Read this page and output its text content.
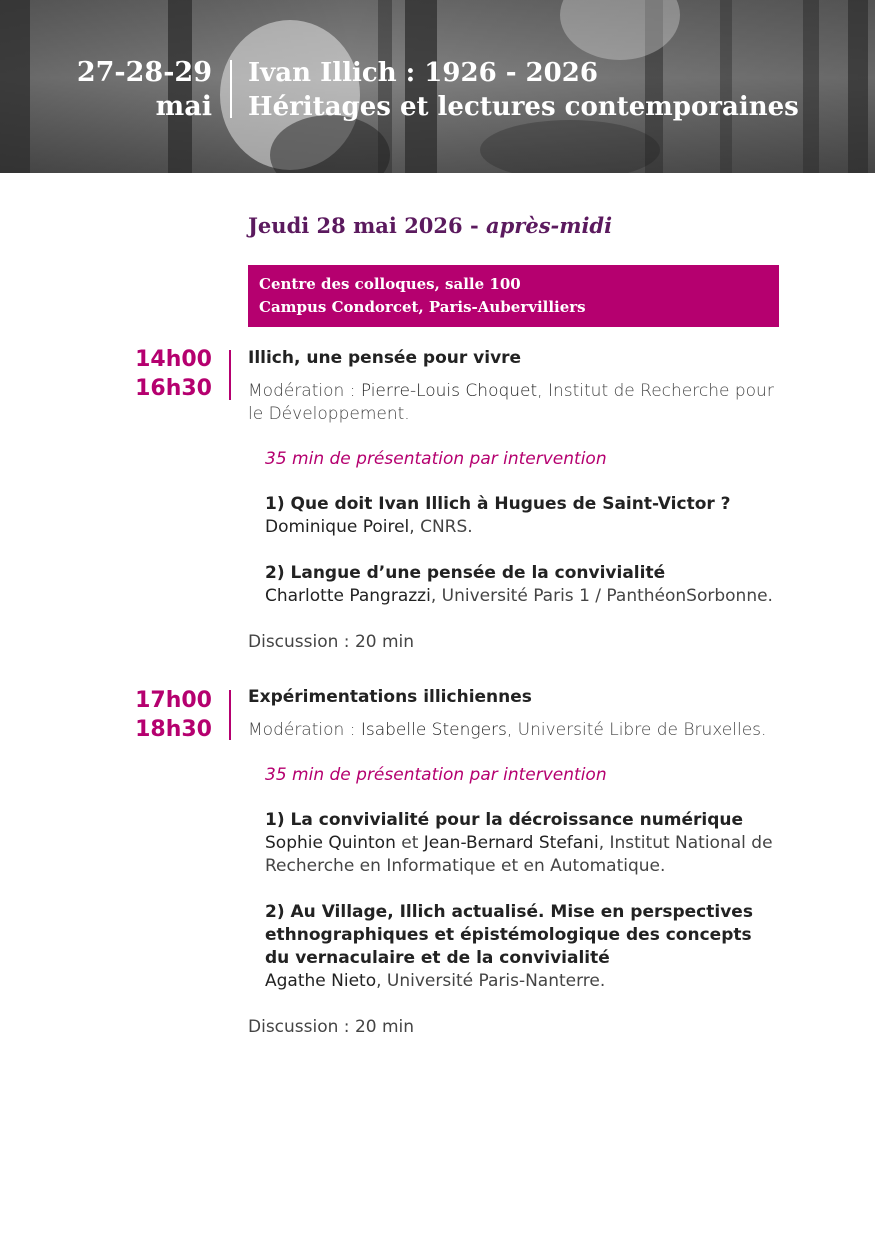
27-28-29
mai
Ivan Illich : 1926 - 2026
Héritages et lectures contemporaines
Jeudi 28 mai 2026 - après-midi
Centre des colloques, salle 100
Campus Condorcet, Paris-Aubervilliers
14h00
16h30
Illich, une pensée pour vivre
Modération : Pierre-Louis Choquet, Institut de Recherche pour le Développement.
35 min de présentation par intervention
1) Que doit Ivan Illich à Hugues de Saint-Victor ?
Dominique Poirel, CNRS.
2) Langue d’une pensée de la convivialité
Charlotte Pangrazzi, Université Paris 1 / PanthéonSorbonne.
Discussion : 20 min
17h00
18h30
Expérimentations illichiennes
Modération : Isabelle Stengers, Université Libre de Bruxelles.
35 min de présentation par intervention
1) La convivialité pour la décroissance numérique
Sophie Quinton et Jean-Bernard Stefani, Institut National de Recherche en Informatique et en Automatique.
2) Au Village, Illich actualisé. Mise en perspectives ethnographiques et épistémologique des concepts du vernaculaire et de la convivialité
Agathe Nieto, Université Paris-Nanterre.
Discussion : 20 min
